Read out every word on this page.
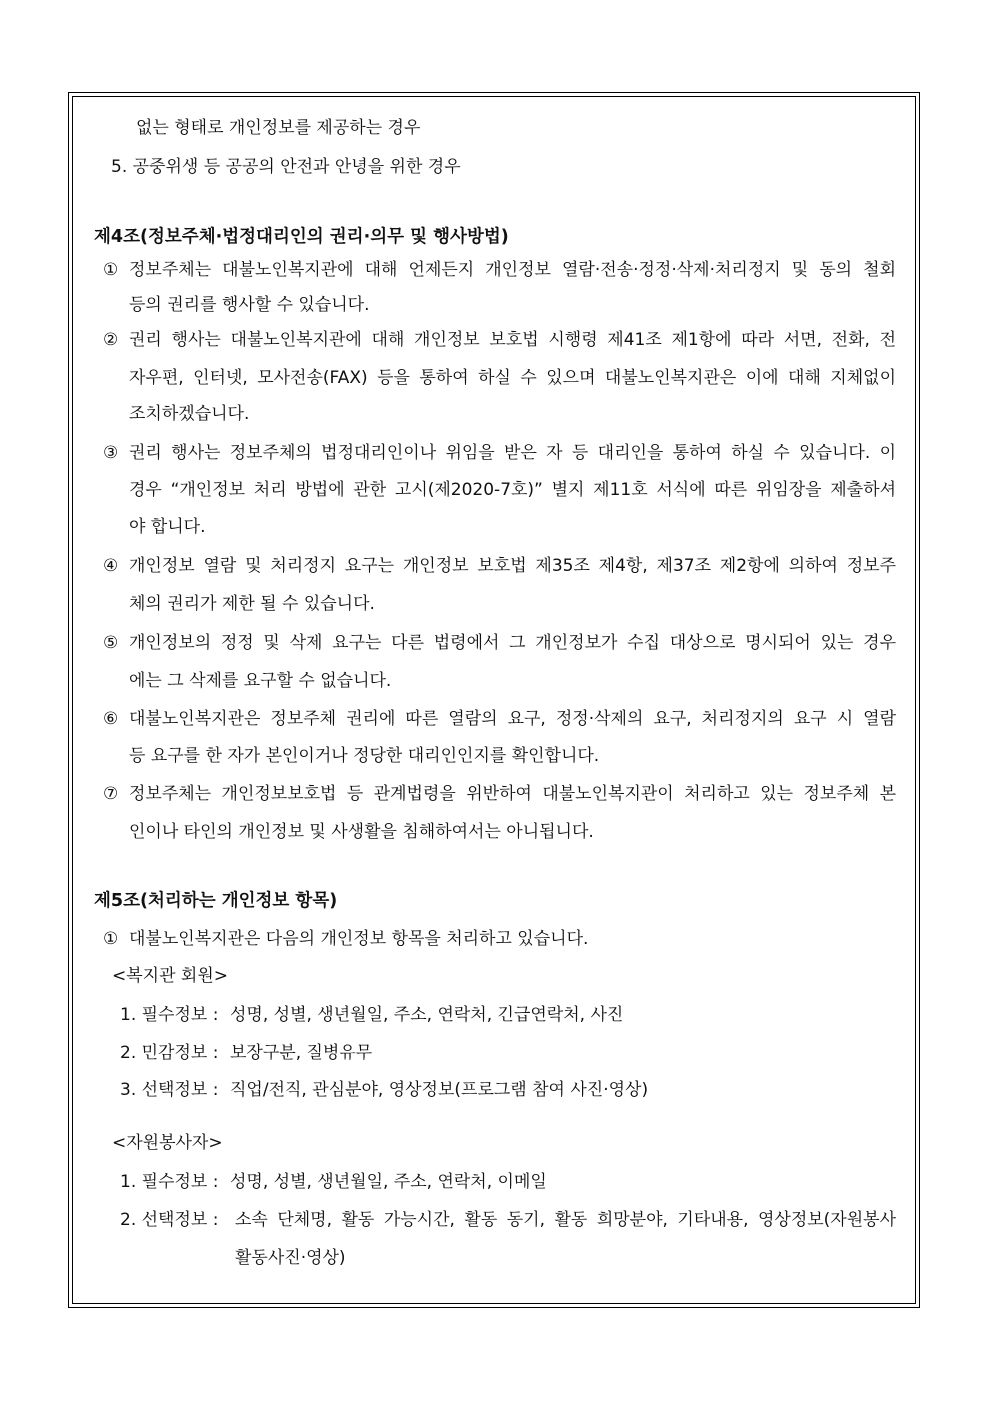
없는 형태로 개인정보를 제공하는 경우
5. 공중위생 등 공공의 안전과 안녕을 위한 경우
제4조(정보주체·법정대리인의 권리·의무 및 행사방법)
① 정보주체는 대불노인복지관에 대해 언제든지 개인정보 열람·전송·정정·삭제·처리정지 및 동의 철회
등의 권리를 행사할 수 있습니다.
② 권리 행사는 대불노인복지관에 대해 개인정보 보호법 시행령 제41조 제1항에 따라 서면, 전화, 전
자우편, 인터넷, 모사전송(FAX) 등을 통하여 하실 수 있으며 대불노인복지관은 이에 대해 지체없이
조치하겠습니다.
③ 권리 행사는 정보주체의 법정대리인이나 위임을 받은 자 등 대리인을 통하여 하실 수 있습니다. 이
경우 “개인정보 처리 방법에 관한 고시(제2020-7호)” 별지 제11호 서식에 따른 위임장을 제출하셔
야 합니다.
④ 개인정보 열람 및 처리정지 요구는 개인정보 보호법 제35조 제4항, 제37조 제2항에 의하여 정보주
체의 권리가 제한 될 수 있습니다.
⑤ 개인정보의 정정 및 삭제 요구는 다른 법령에서 그 개인정보가 수집 대상으로 명시되어 있는 경우
에는 그 삭제를 요구할 수 없습니다.
⑥ 대불노인복지관은 정보주체 권리에 따른 열람의 요구, 정정·삭제의 요구, 처리정지의 요구 시 열람
등 요구를 한 자가 본인이거나 정당한 대리인인지를 확인합니다.
⑦ 정보주체는 개인정보보호법 등 관계법령을 위반하여 대불노인복지관이 처리하고 있는 정보주체 본
인이나 타인의 개인정보 및 사생활을 침해하여서는 아니됩니다.
제5조(처리하는 개인정보 항목)
① 대불노인복지관은 다음의 개인정보 항목을 처리하고 있습니다.
<복지관 회원>
1. 필수정보 : 성명, 성별, 생년월일, 주소, 연락처, 긴급연락처, 사진
2. 민감정보 : 보장구분, 질병유무
3. 선택정보 : 직업/전직, 관심분야, 영상정보(프로그램 참여 사진·영상)
<자원봉사자>
1. 필수정보 : 성명, 성별, 생년월일, 주소, 연락처, 이메일
2. 선택정보 : 소속 단체명, 활동 가능시간, 활동 동기, 활동 희망분야, 기타내용, 영상정보(자원봉사
활동사진·영상)
